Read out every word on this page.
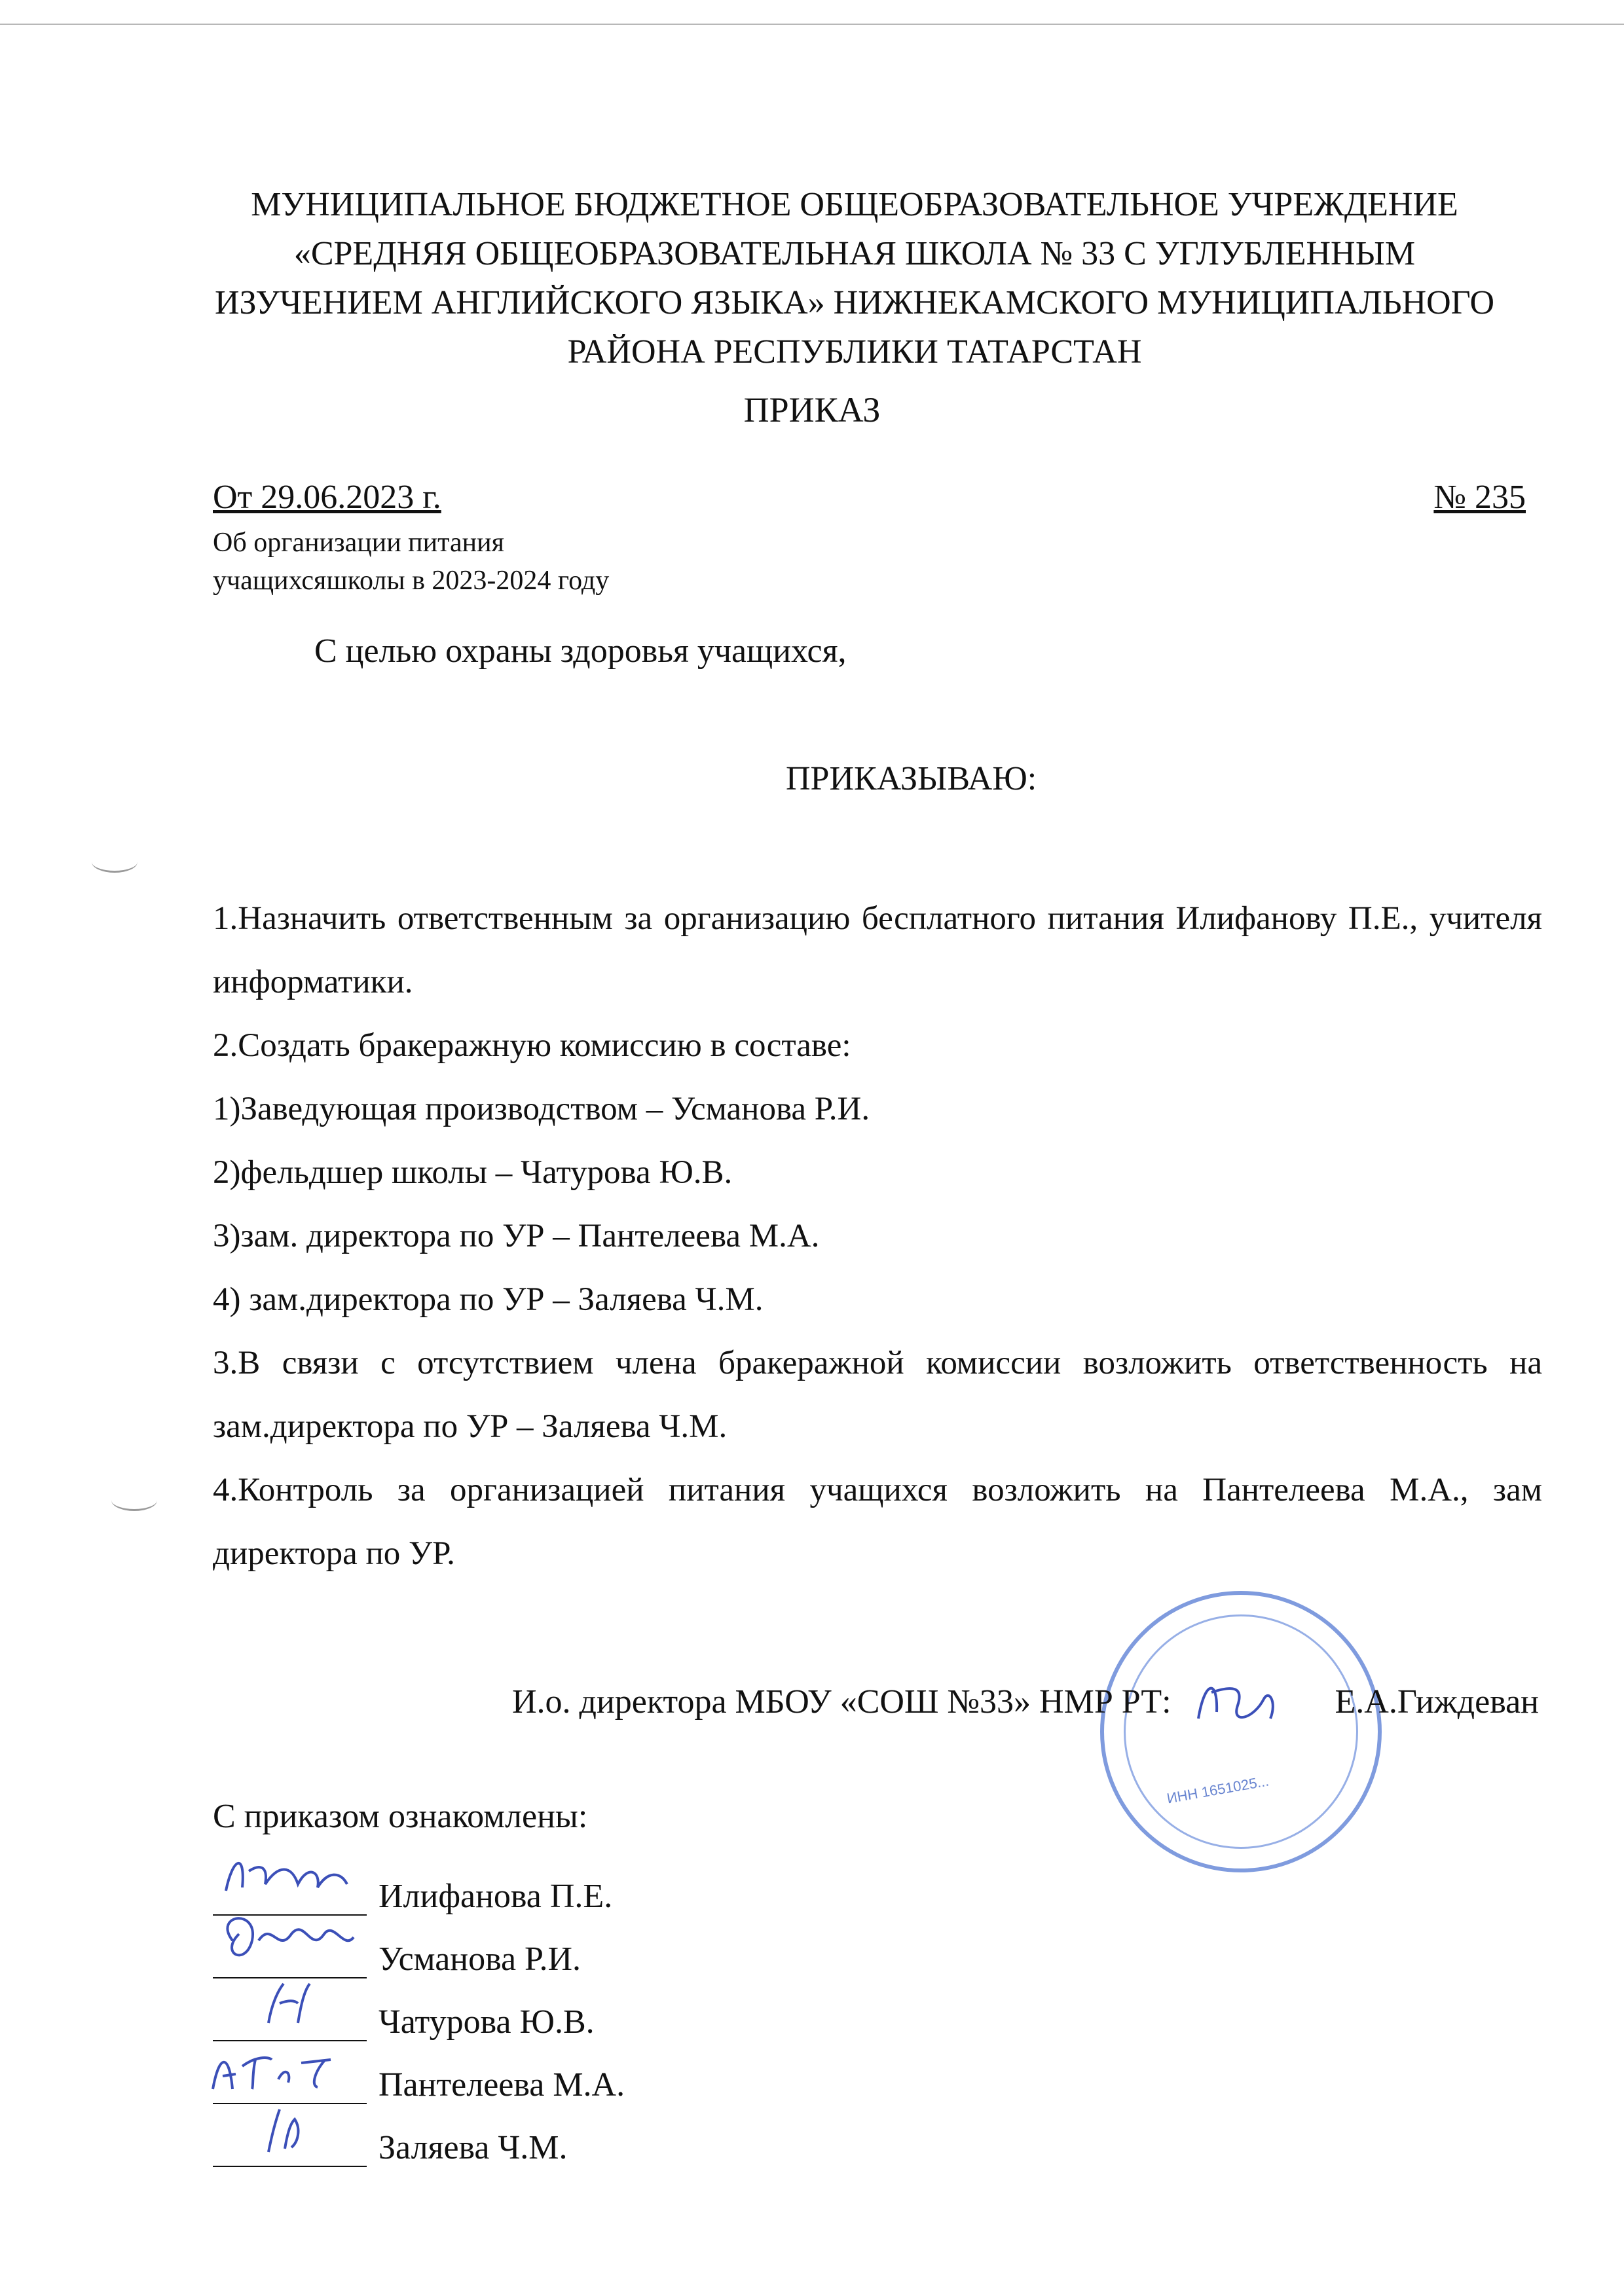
МУНИЦИПАЛЬНОЕ БЮДЖЕТНОЕ ОБЩЕОБРАЗОВАТЕЛЬНОЕ УЧРЕЖДЕНИЕ «СРЕДНЯЯ ОБЩЕОБРАЗОВАТЕЛЬНАЯ ШКОЛА № 33 С УГЛУБЛЕННЫМ ИЗУЧЕНИЕМ АНГЛИЙСКОГО ЯЗЫКА» НИЖНЕКАМСКОГО МУНИЦИПАЛЬНОГО РАЙОНА РЕСПУБЛИКИ ТАТАРСТАН
ПРИКАЗ
От 29.06.2023 г.	№ 235
Об организации питания
учащихсяшколы в 2023-2024 году
С целью охраны здоровья учащихся,
ПРИКАЗЫВАЮ:

1.Назначить ответственным за организацию бесплатного питания Илифанову П.Е., учителя информатики.

2.Создать бракеражную комиссию в составе:

1)Заведующая производством – Усманова Р.И.

2)фельдшер школы – Чатурова Ю.В.

3)зам. директора по УР – Пантелеева М.А.

4) зам.директора по УР – Заляева Ч.М.

3.В связи с отсутствием члена бракеражной комиссии возложить ответственность на зам.директора по УР – Заляева Ч.М.

4.Контроль за организацией питания учащихся возложить на Пантелеева М.А., зам директора по УР.

ИНН 1651025...
И.о. директора МБОУ «СОШ №33» НМР РТ:	Е.А.Гиждеван
С приказом ознакомлены:
Илифанова П.Е.
Усманова Р.И.
Чатурова Ю.В.
Пантелеева М.А.
Заляева Ч.М.
